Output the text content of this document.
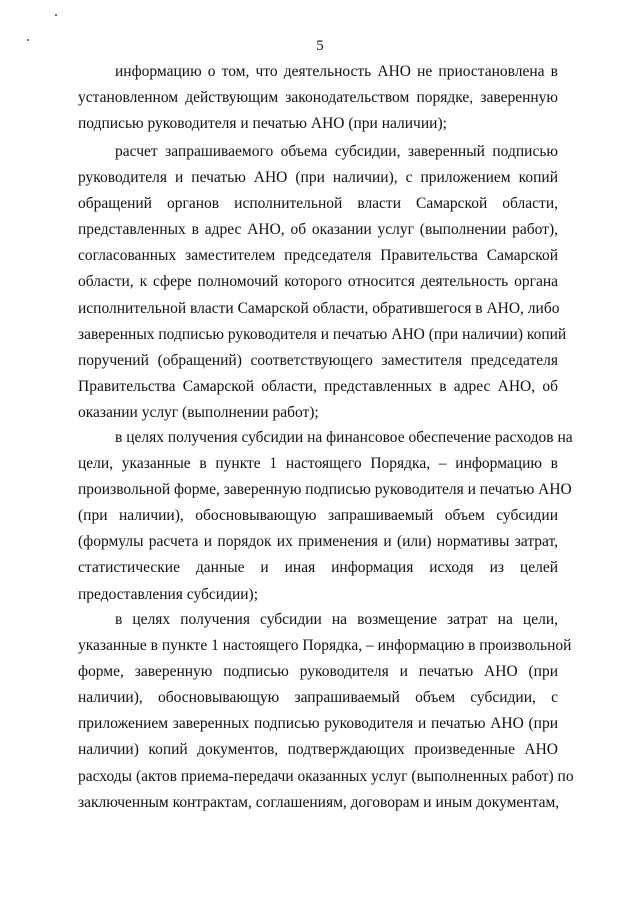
5
информацию о том, что деятельность АНО не приостановлена в
установленном действующим законодательством порядке, заверенную
подписью руководителя и печатью АНО (при наличии);
расчет запрашиваемого объема субсидии, заверенный подписью
руководителя и печатью АНО (при наличии), с приложением копий
обращений органов исполнительной власти Самарской области,
представленных в адрес АНО, об оказании услуг (выполнении работ),
согласованных заместителем председателя Правительства Самарской
области, к сфере полномочий которого относится деятельность органа
исполнительной власти Самарской области, обратившегося в АНО, либо
заверенных подписью руководителя и печатью АНО (при наличии) копий
поручений (обращений) соответствующего заместителя председателя
Правительства Самарской области, представленных в адрес АНО, об
оказании услуг (выполнении работ);
в целях получения субсидии на финансовое обеспечение расходов на
цели, указанные в пункте 1 настоящего Порядка, – информацию в
произвольной форме, заверенную подписью руководителя и печатью АНО
(при наличии), обосновывающую запрашиваемый объем субсидии
(формулы расчета и порядок их применения и (или) нормативы затрат,
статистические данные и иная информация исходя из целей
предоставления субсидии);
в целях получения субсидии на возмещение затрат на цели,
указанные в пункте 1 настоящего Порядка, – информацию в произвольной
форме, заверенную подписью руководителя и печатью АНО (при
наличии), обосновывающую запрашиваемый объем субсидии, с
приложением заверенных подписью руководителя и печатью АНО (при
наличии) копий документов, подтверждающих произведенные АНО
расходы (актов приема-передачи оказанных услуг (выполненных работ) по
заключенным контрактам, соглашениям, договорам и иным документам,
